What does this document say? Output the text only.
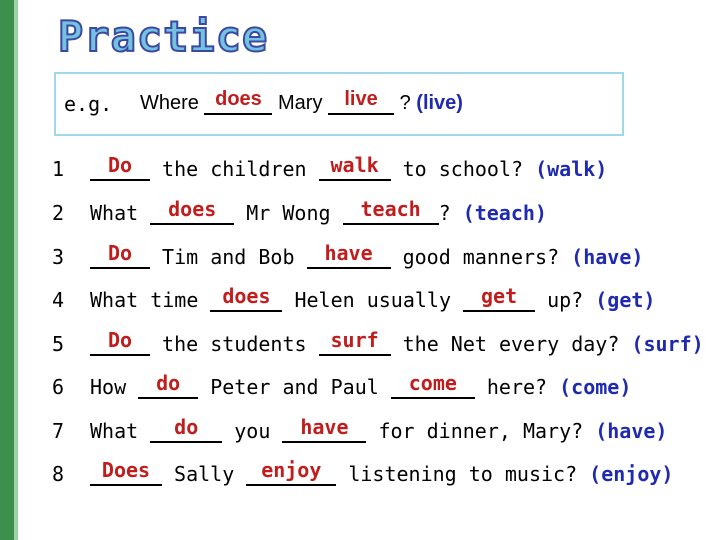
Practice
e.g. Where does Mary live ? (live)
1 Do the children walk to school? (walk)
2 What does Mr Wong teach ? (teach)
3 Do Tim and Bob have good manners? (have)
4 What time does Helen usually get up? (get)
5 Do the students surf the Net every day? (surf)
6 How do Peter and Paul come here? (come)
7 What do you have for dinner, Mary? (have)
8 Does Sally enjoy listening to music? (enjoy)
